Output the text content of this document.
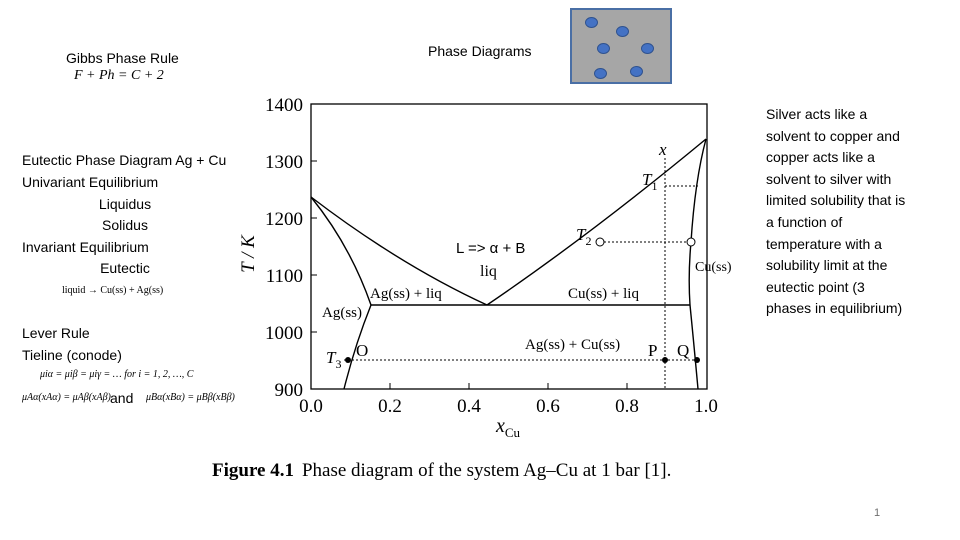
Gibbs Phase Rule
F + Ph = C + 2
Eutectic Phase Diagram Ag + Cu
Univariant Equilibrium
Liquidus
Solidus
Invariant Equilibrium
Eutectic
liquid → Cu(ss) + Ag(ss)
Lever Rule
Tieline (conode)
μiα = μiβ = μiγ = … for i = 1, 2, …, C
μAα(xAα) = μAβ(xAβ) and μBα(xBα) = μBβ(xBβ)
Phase Diagrams
Silver acts like a solvent to copper and copper acts like a solvent to silver with limited solubility that is a function of temperature with a solubility limit at the eutectic point (3 phases in equilibrium)
1400
1300
1200
1100
1000
900
0.0	0.2	0.4	0.6	0.8	1.0
T / K
$x_{Cu}$
liq
Ag(ss)
Ag(ss) + liq	Cu(ss) + liq
Cu(ss)
Ag(ss) + Cu(ss)
x
$T_1$
$T_2$
$T_3$
O	P Q
L => α + B
Figure 4.1 Phase diagram of the system Ag–Cu at 1 bar [1].
1
